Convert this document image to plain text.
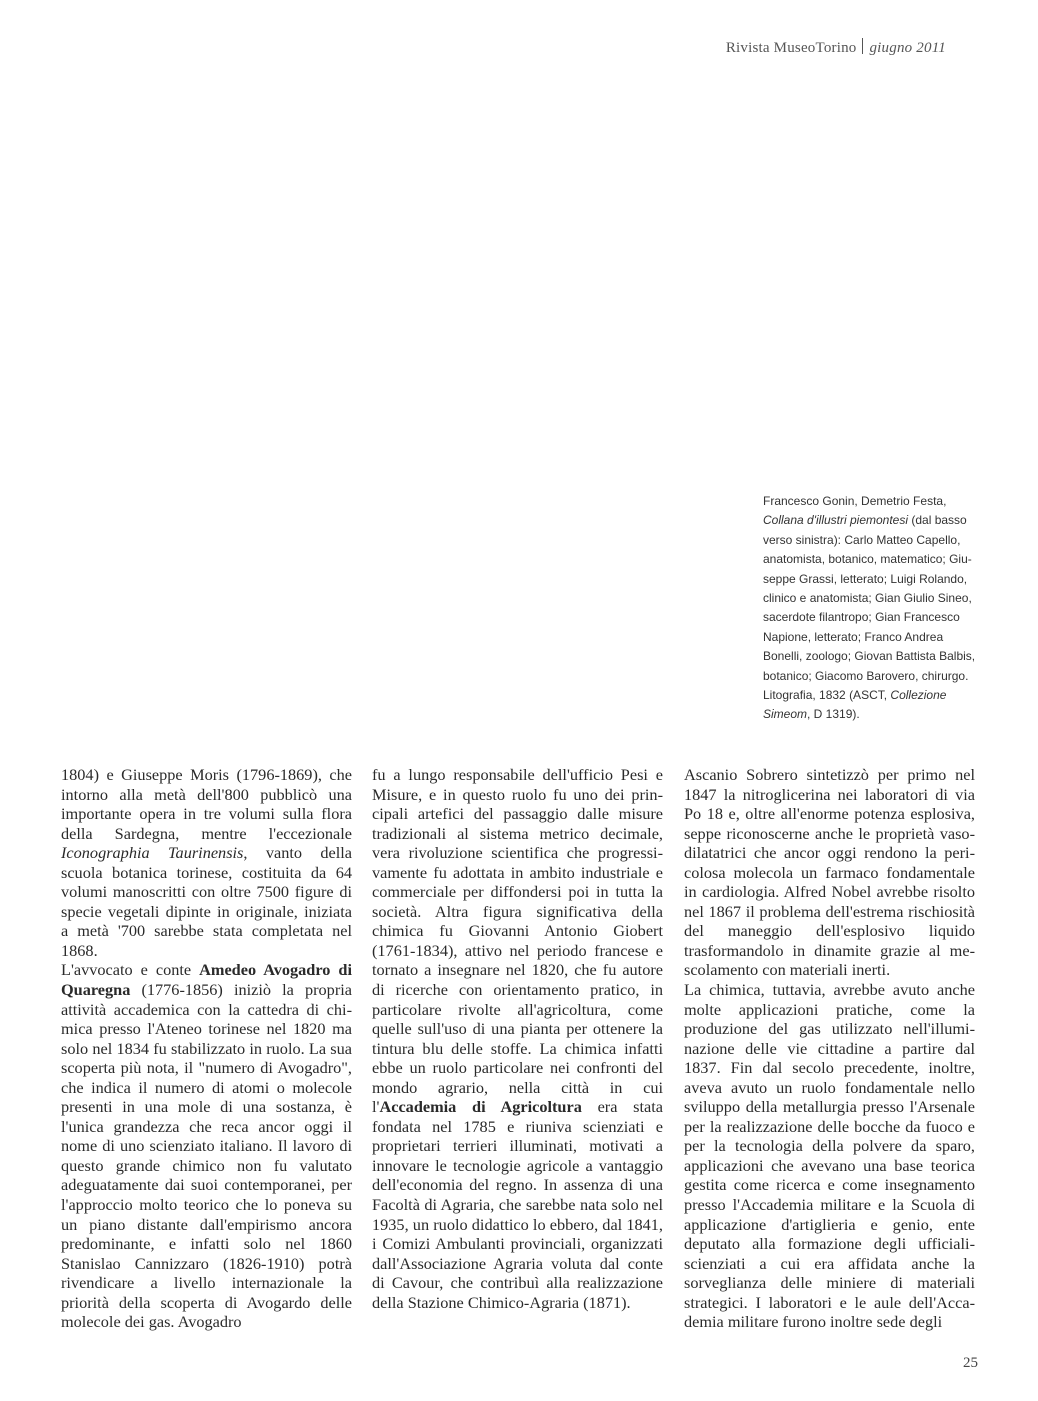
Rivista MuseoTorino giugno 2011

Francesco Gonin, Demetrio Festa,
Collana d'illustri piemontesi (dal basso verso sinistra): Carlo Matteo Capello, anatomista, botanico, matematico; Giuseppe Grassi, letterato; Luigi Rolando, clinico e anatomista; Gian Giulio Sineo, sacerdote filantropo; Gian Francesco Napione, letterato; Franco Andrea Bonelli, zoologo; Giovan Battista Balbis, botanico; Giacomo Barovero, chirurgo. Litografia, 1832 (ASCT, Collezione Simeom, D 1319).

1804) e Giuseppe Moris (1796-1869), che intorno alla metà dell'800 pubblicò una importante opera in tre volumi sulla flora della Sardegna, mentre l'eccezionale Iconographia Taurinensis, vanto della scuola botanica torinese, costituita da 64 volumi manoscritti con oltre 7500 figure di specie vegetali dipinte in originale, iniziata a metà '700 sarebbe stata completata nel 1868.

L'avvocato e conte Amedeo Avogadro di Quaregna (1776-1856) iniziò la propria attività accademica con la cattedra di chimica presso l'Ateneo torinese nel 1820 ma solo nel 1834 fu stabilizzato in ruolo. La sua scoperta più nota, il "numero di Avogadro", che indica il numero di atomi o molecole presenti in una mole di una sostanza, è l'unica grandezza che reca ancor oggi il nome di uno scienziato italiano. Il lavoro di questo grande chimico non fu valutato adeguatamente dai suoi contemporanei, per l'approccio molto teorico che lo poneva su un piano distante dall'empirismo ancora predominante, e infatti solo nel 1860 Stanislao Cannizzaro (1826-1910) potrà rivendicare a livello internazionale la priorità della scoperta di Avogardo delle molecole dei gas. Avogadro

fu a lungo responsabile dell'ufficio Pesi e Misure, e in questo ruolo fu uno dei principali artefici del passaggio dalle misure tradizionali al sistema metrico decimale, vera rivoluzione scientifica che progressivamente fu adottata in ambito industriale e commerciale per diffondersi poi in tutta la società. Altra figura significativa della chimica fu Giovanni Antonio Giobert (1761-1834), attivo nel periodo francese e tornato a insegnare nel 1820, che fu autore di ricerche con orientamento pratico, in particolare rivolte all'agricoltura, come quelle sull'uso di una pianta per ottenere la tintura blu delle stoffe. La chimica infatti ebbe un ruolo particolare nei confronti del mondo agrario, nella città in cui l'Accademia di Agricoltura era stata fondata nel 1785 e riuniva scienziati e proprietari terrieri illuminati, motivati a innovare le tecnologie agricole a vantaggio dell'economia del regno. In assenza di una Facoltà di Agraria, che sarebbe nata solo nel 1935, un ruolo didattico lo ebbero, dal 1841, i Comizi Ambulanti provinciali, organizzati dall'Associazione Agraria voluta dal conte di Cavour, che contribuì alla realizzazione della Stazione Chimico-Agraria (1871).

Ascanio Sobrero sintetizzò per primo nel 1847 la nitroglicerina nei laboratori di via Po 18 e, oltre all'enorme potenza esplosiva, seppe riconoscerne anche le proprietà vasodilatatrici che ancor oggi rendono la pericolosa molecola un farmaco fondamentale in cardiologia. Alfred Nobel avrebbe risolto nel 1867 il problema dell'estrema rischiosità del maneggio dell'esplosivo liquido trasformandolo in dinamite grazie al mescolamento con materiali inerti.

La chimica, tuttavia, avrebbe avuto anche molte applicazioni pratiche, come la produzione del gas utilizzato nell'illuminazione delle vie cittadine a partire dal 1837. Fin dal secolo precedente, inoltre, aveva avuto un ruolo fondamentale nello sviluppo della metallurgia presso l'Arsenale per la realizzazione delle bocche da fuoco e per la tecnologia della polvere da sparo, applicazioni che avevano una base teorica gestita come ricerca e come insegnamento presso l'Accademia militare e la Scuola di applicazione d'artiglieria e genio, ente deputato alla formazione degli ufficiali-scienziati a cui era affidata anche la sorveglianza delle miniere di materiali strategici. I laboratori e le aule dell'Accademia militare furono inoltre sede degli

25
